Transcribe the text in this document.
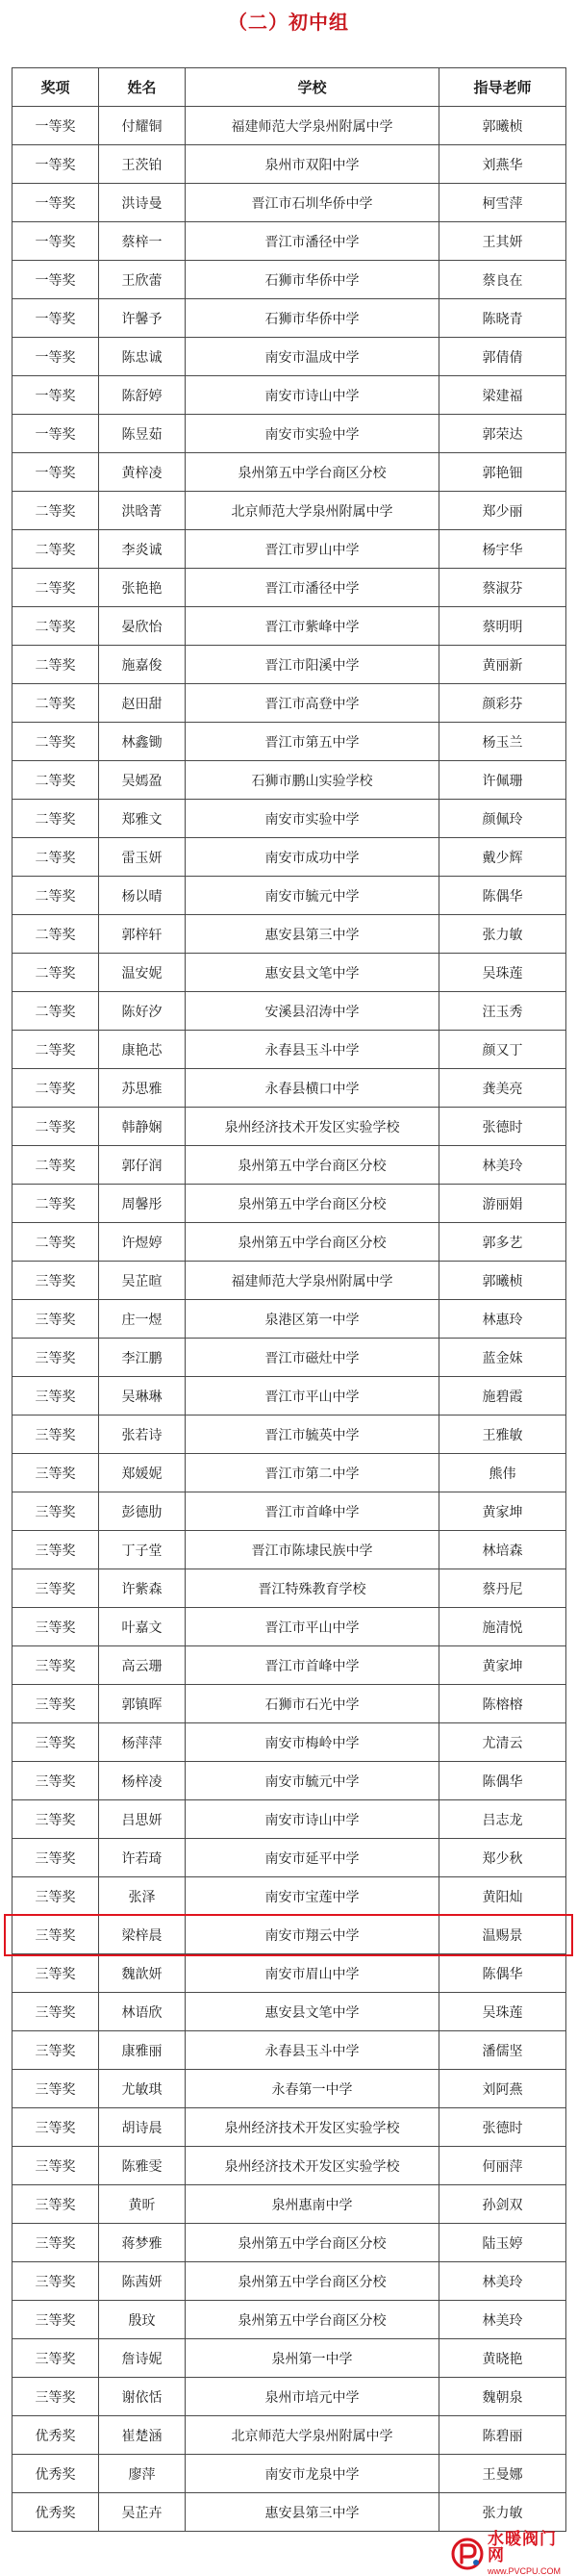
（二）初中组
奖项	姓名	学校	指导老师
一等奖	付耀铜	福建师范大学泉州附属中学	郭曦桢
一等奖	王茨铂	泉州市双阳中学	刘燕华
一等奖	洪诗曼	晋江市石圳华侨中学	柯雪萍
一等奖	蔡梓一	晋江市潘径中学	王其妍
一等奖	王欣蕾	石狮市华侨中学	蔡良在
一等奖	许馨予	石狮市华侨中学	陈晓青
一等奖	陈忠诚	南安市温成中学	郭倩倩
一等奖	陈舒婷	南安市诗山中学	梁建福
一等奖	陈昱茹	南安市实验中学	郭荣达
一等奖	黄梓凌	泉州第五中学台商区分校	郭艳钿
二等奖	洪晗菁	北京师范大学泉州附属中学	郑少丽
二等奖	李炎诚	晋江市罗山中学	杨宇华
二等奖	张艳艳	晋江市潘径中学	蔡淑芬
二等奖	晏欣怡	晋江市紫峰中学	蔡明明
二等奖	施嘉俊	晋江市阳溪中学	黄丽新
二等奖	赵田甜	晋江市高登中学	颜彩芬
二等奖	林鑫锄	晋江市第五中学	杨玉兰
二等奖	吴嫣盈	石狮市鹏山实验学校	许佩珊
二等奖	郑雅文	南安市实验中学	颜佩玲
二等奖	雷玉妍	南安市成功中学	戴少辉
二等奖	杨以晴	南安市毓元中学	陈偶华
二等奖	郭梓轩	惠安县第三中学	张力敏
二等奖	温安妮	惠安县文笔中学	吴珠莲
二等奖	陈好汐	安溪县沼涛中学	汪玉秀
二等奖	康艳芯	永春县玉斗中学	颜又丁
二等奖	苏思雅	永春县横口中学	龚美亮
二等奖	韩静娴	泉州经济技术开发区实验学校	张德时
二等奖	郭仔润	泉州第五中学台商区分校	林美玲
二等奖	周馨彤	泉州第五中学台商区分校	游丽娟
二等奖	许煜婷	泉州第五中学台商区分校	郭多艺
三等奖	吴芷暄	福建师范大学泉州附属中学	郭曦桢
三等奖	庄一煜	泉港区第一中学	林惠玲
三等奖	李江鹏	晋江市磁灶中学	蓝金妹
三等奖	吴琳琳	晋江市平山中学	施碧霞
三等奖	张若诗	晋江市毓英中学	王雅敏
三等奖	郑媛妮	晋江市第二中学	熊伟
三等奖	彭德肋	晋江市首峰中学	黄家坤
三等奖	丁子堂	晋江市陈埭民族中学	林培森
三等奖	许紫森	晋江特殊教育学校	蔡丹尼
三等奖	叶嘉文	晋江市平山中学	施清悦
三等奖	高云珊	晋江市首峰中学	黄家坤
三等奖	郭镇晖	石狮市石光中学	陈榕榕
三等奖	杨萍萍	南安市梅岭中学	尤清云
三等奖	杨梓凌	南安市毓元中学	陈偶华
三等奖	吕思妍	南安市诗山中学	吕志龙
三等奖	许若琦	南安市延平中学	郑少秋
三等奖	张泽	南安市宝莲中学	黄阳灿
三等奖	梁梓晨	南安市翔云中学	温赐景
三等奖	魏歆妍	南安市眉山中学	陈偶华
三等奖	林语欣	惠安县文笔中学	吴珠莲
三等奖	康雅丽	永春县玉斗中学	潘儒坚
三等奖	尤敏琪	永春第一中学	刘阿燕
三等奖	胡诗晨	泉州经济技术开发区实验学校	张德时
三等奖	陈雅雯	泉州经济技术开发区实验学校	何丽萍
三等奖	黄昕	泉州惠南中学	孙剑双
三等奖	蒋梦雅	泉州第五中学台商区分校	陆玉婷
三等奖	陈茜妍	泉州第五中学台商区分校	林美玲
三等奖	殷玟	泉州第五中学台商区分校	林美玲
三等奖	詹诗妮	泉州第一中学	黄晓艳
三等奖	谢依恬	泉州市培元中学	魏朝泉
优秀奖	崔楚涵	北京师范大学泉州附属中学	陈碧丽
优秀奖	廖萍	南安市龙泉中学	王曼娜
优秀奖	吴芷卉	惠安县第三中学	张力敏
水暖阀门网
www.PVCPU.COM
